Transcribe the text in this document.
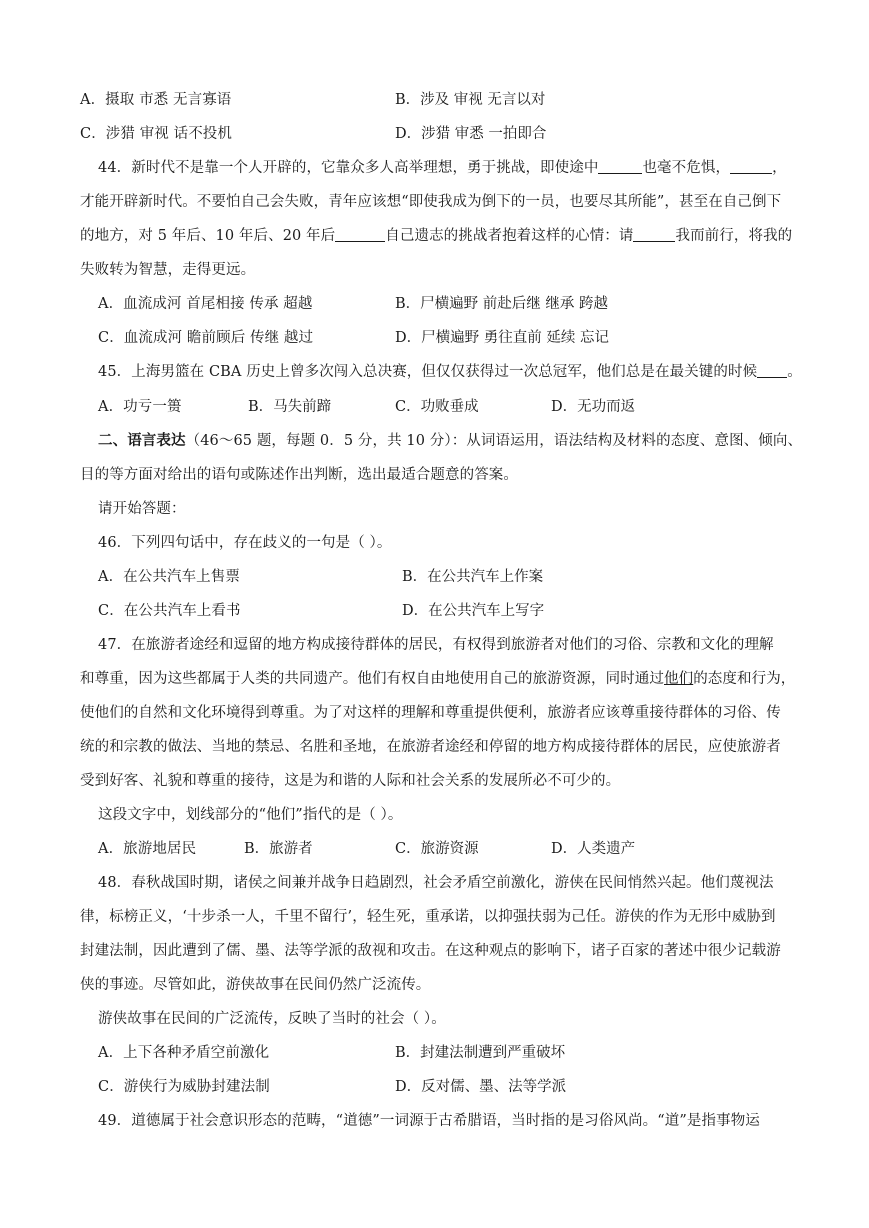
A．摄取 市悉 无言寡语	B．涉及 审视 无言以对
C．涉猎 审视 话不投机	D．涉猎 审悉 一拍即合
44．新时代不是靠一个人开辟的，它靠众多人高举理想，勇于挑战，即使途中	也毫不危惧，	，
才能开辟新时代。不要怕自己会失败，青年应该想“即使我成为倒下的一员，也要尽其所能”，甚至在自己倒下
的地方，对 5 年后、10 年后、20 年后	自己遗志的挑战者抱着这样的心情：请	我而前行，将我的
失败转为智慧，走得更远。
A．血流成河 首尾相接 传承 超越	B．尸横遍野 前赴后继 继承 跨越
C．血流成河 瞻前顾后 传继 越过	D．尸横遍野 勇往直前 延续 忘记
45．上海男篮在 CBA 历史上曾多次闯入总决赛，但仅仅获得过一次总冠军，他们总是在最关键的时候 。
A．功亏一篑	B．马失前蹄	C．功败垂成	D．无功而返
二、语言表达（46～65 题，每题 0．5 分，共 10 分）：从词语运用，语法结构及材料的态度、意图、倾向、
目的等方面对给出的语句或陈述作出判断，选出最适合题意的答案。
请开始答题：
46．下列四句话中，存在歧义的一句是（ ）。
A．在公共汽车上售票	B．在公共汽车上作案
C．在公共汽车上看书	D．在公共汽车上写字
47．在旅游者途经和逗留的地方构成接待群体的居民，有权得到旅游者对他们的习俗、宗教和文化的理解
和尊重，因为这些都属于人类的共同遗产。他们有权自由地使用自己的旅游资源，同时通过他们的态度和行为，
使他们的自然和文化环境得到尊重。为了对这样的理解和尊重提供便利，旅游者应该尊重接待群体的习俗、传
统的和宗教的做法、当地的禁忌、名胜和圣地，在旅游者途经和停留的地方构成接待群体的居民，应使旅游者
受到好客、礼貌和尊重的接待，这是为和谐的人际和社会关系的发展所必不可少的。
这段文字中，划线部分的“他们”指代的是（ ）。
A．旅游地居民	B．旅游者	C．旅游资源	D．人类遗产
48．春秋战国时期，诸侯之间兼并战争日趋剧烈，社会矛盾空前激化，游侠在民间悄然兴起。他们蔑视法
律，标榜正义，‘十步杀一人，千里不留行’，轻生死，重承诺，以抑强扶弱为己任。游侠的作为无形中威胁到
封建法制，因此遭到了儒、墨、法等学派的敌视和攻击。在这种观点的影响下，诸子百家的著述中很少记载游
侠的事迹。尽管如此，游侠故事在民间仍然广泛流传。
游侠故事在民间的广泛流传，反映了当时的社会（ ）。
A．上下各种矛盾空前激化	B．封建法制遭到严重破坏
C．游侠行为威胁封建法制	D．反对儒、墨、法等学派
49．道德属于社会意识形态的范畴，“道德”一词源于古希腊语，当时指的是习俗风尚。“道”是指事物运
